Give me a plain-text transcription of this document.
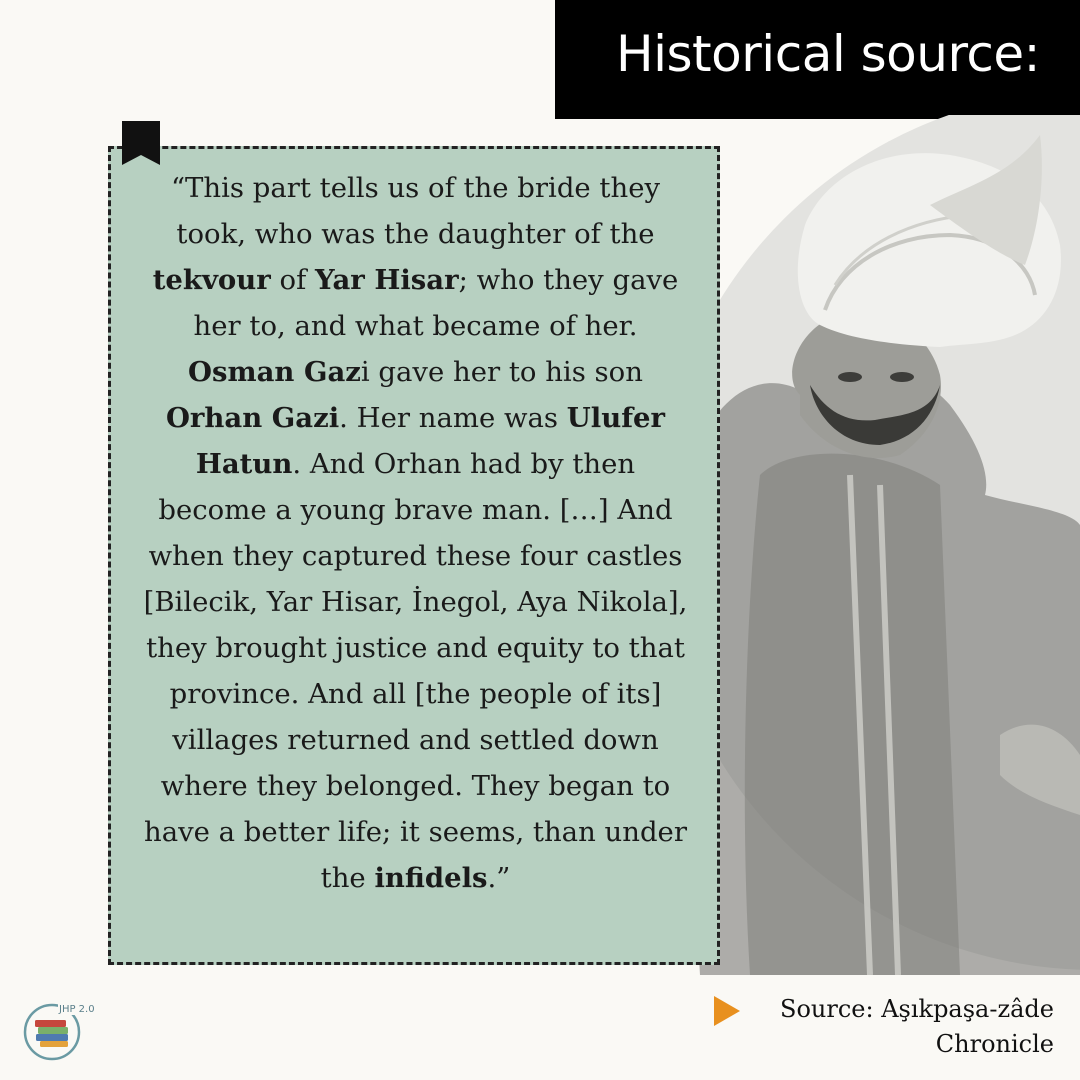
Historical source:
“This part tells us of the bride they took, who was the daughter of the tekvour of Yar Hisar; who they gave her to, and what became of her. Osman Gazi gave her to his son Orhan Gazi. Her name was Ulufer Hatun. And Orhan had by then become a young brave man. […] And when they captured these four castles [Bilecik, Yar Hisar, İnegol, Aya Nikola], they brought justice and equity to that province. And all [the people of its] villages returned and settled down where they belonged. They began to have a better life; it seems, than under the infidels.”
Source: Aşıkpaşa-zâde
Chronicle
JHP 2.0
